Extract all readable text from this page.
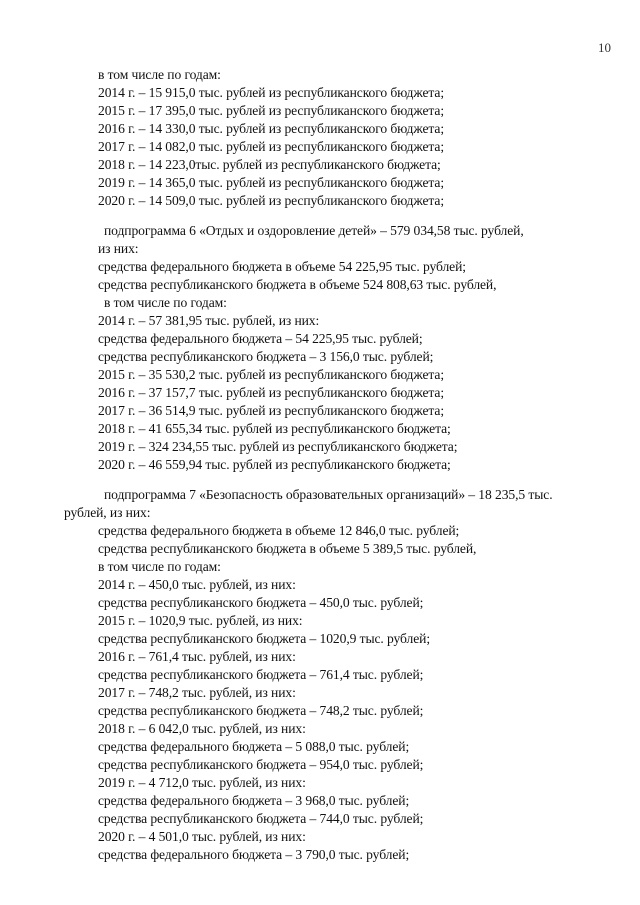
10
в том числе по годам:
2014 г. – 15 915,0 тыс. рублей из республиканского бюджета;
2015 г. – 17 395,0 тыс. рублей из республиканского бюджета;
2016 г. – 14 330,0 тыс. рублей из республиканского бюджета;
2017 г. – 14 082,0 тыс. рублей из республиканского бюджета;
2018 г. – 14 223,0тыс. рублей из республиканского бюджета;
2019 г. – 14 365,0 тыс. рублей из республиканского бюджета;
2020 г. – 14 509,0 тыс. рублей из республиканского бюджета;
подпрограмма 6 «Отдых и оздоровление детей» – 579 034,58 тыс. рублей,
из них:
средства федерального бюджета в объеме 54 225,95 тыс. рублей;
средства республиканского бюджета в объеме 524 808,63 тыс. рублей,
в том числе по годам:
2014 г. – 57 381,95 тыс. рублей, из них:
средства федерального бюджета – 54 225,95 тыс. рублей;
средства республиканского бюджета – 3 156,0 тыс. рублей;
2015 г. – 35 530,2 тыс. рублей из республиканского бюджета;
2016 г. – 37 157,7 тыс. рублей из республиканского бюджета;
2017 г. – 36 514,9 тыс. рублей из республиканского бюджета;
2018 г. – 41 655,34 тыс. рублей из республиканского бюджета;
2019 г. – 324 234,55 тыс. рублей из республиканского бюджета;
2020 г. – 46 559,94 тыс. рублей из республиканского бюджета;
подпрограмма 7 «Безопасность образовательных организаций» – 18 235,5 тыс.
рублей, из них:
средства федерального бюджета в объеме 12 846,0 тыс. рублей;
средства республиканского бюджета в объеме 5 389,5 тыс. рублей,
в том числе по годам:
2014 г. – 450,0 тыс. рублей, из них:
средства республиканского бюджета – 450,0 тыс. рублей;
2015 г. – 1020,9 тыс. рублей, из них:
средства республиканского бюджета – 1020,9 тыс. рублей;
2016 г. – 761,4 тыс. рублей, из них:
средства республиканского бюджета – 761,4 тыс. рублей;
2017 г. – 748,2 тыс. рублей, из них:
средства республиканского бюджета – 748,2 тыс. рублей;
2018 г. – 6 042,0 тыс. рублей, из них:
средства федерального бюджета – 5 088,0 тыс. рублей;
средства республиканского бюджета – 954,0 тыс. рублей;
2019 г. – 4 712,0 тыс. рублей, из них:
средства федерального бюджета – 3 968,0 тыс. рублей;
средства республиканского бюджета – 744,0 тыс. рублей;
2020 г. – 4 501,0 тыс. рублей, из них:
средства федерального бюджета – 3 790,0 тыс. рублей;
